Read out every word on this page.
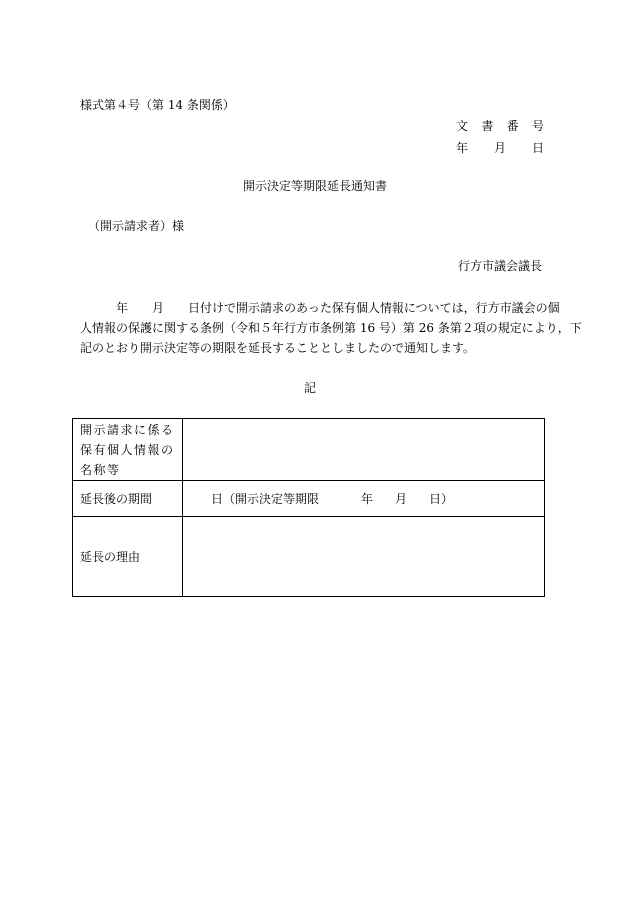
様式第４号（第 14 条関係）
文 書 番 号
年 月 日
開示決定等期限延長通知書
（開示請求者）様
行方市議会議長
年 月 日付けで開示請求のあった保有個人情報については，行方市議会の個
人情報の保護に関する条例（令和５年行方市条例第 16 号）第 26 条第２項の規定により，下
記のとおり開示決定等の期限を延長することとしましたので通知します。
記
開示請求に係る
保有個人情報の
名称等	

延長後の期間	日（開示決定等期限 年 月 日）
延長の理由	
